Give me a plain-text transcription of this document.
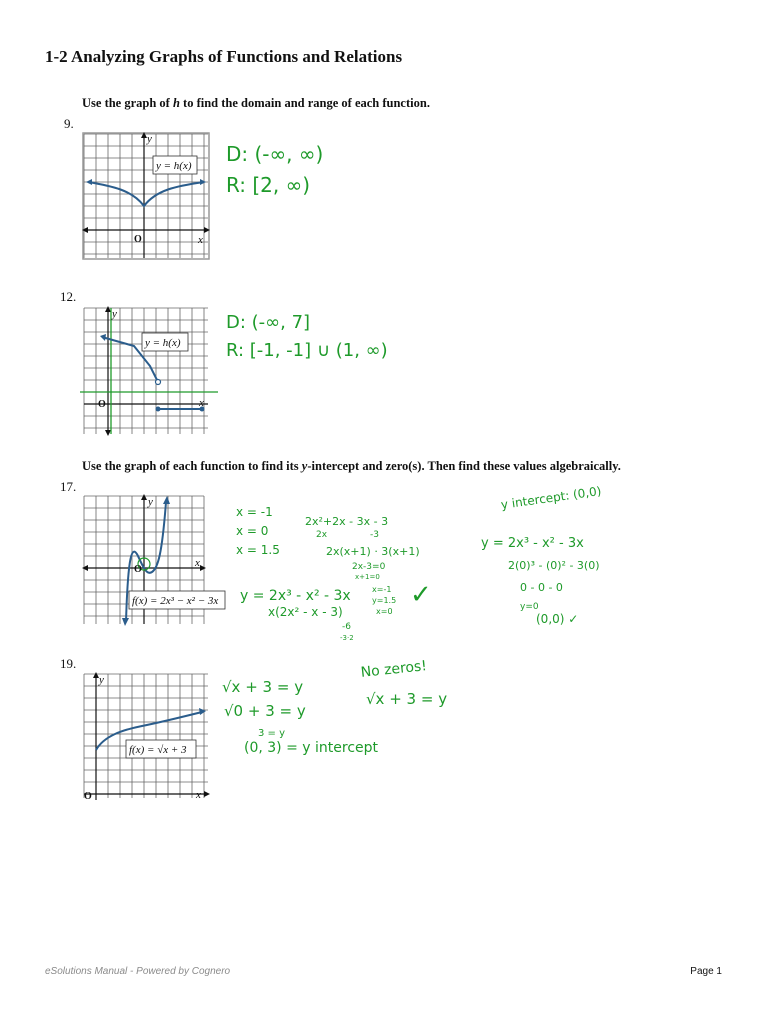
1-2 Analyzing Graphs of Functions and Relations
Use the graph of h to find the domain and range of each function.
9.
y = h(x)
O	x
y
D: (-∞, ∞)
R: [2, ∞)
12.
y = h(x)
O	x
y	D: (-∞, 7]
R: [-1, -1] ∪ (1, ∞)
Use the graph of each function to find its y-intercept and zero(s). Then find these values algebraically.
17.
O
x
y
f(x) = 2x³ − x² − 3x
x = -1
x = 0
x = 1.5
y = 2x³ - x² - 3x
x(2x² - x - 3)
2x²+2x - 3x - 3
2x	-3
2x(x+1) · 3(x+1)
2x-3=0
x+1=0
x=-1
y=1.5
x=0
-6
-3·2
✓
y intercept: (0,0)
y = 2x³ - x² - 3x
2(0)³ - (0)² - 3(0)
0 - 0 - 0
y=0
(0,0) ✓
19.
f(x) = √x + 3
O	x
y	√x + 3 = y
√0 + 3 = y
3 = y
(0, 3) = y intercept
No zeros!
√x + 3 = y
eSolutions Manual - Powered by Cognero	Page 1
